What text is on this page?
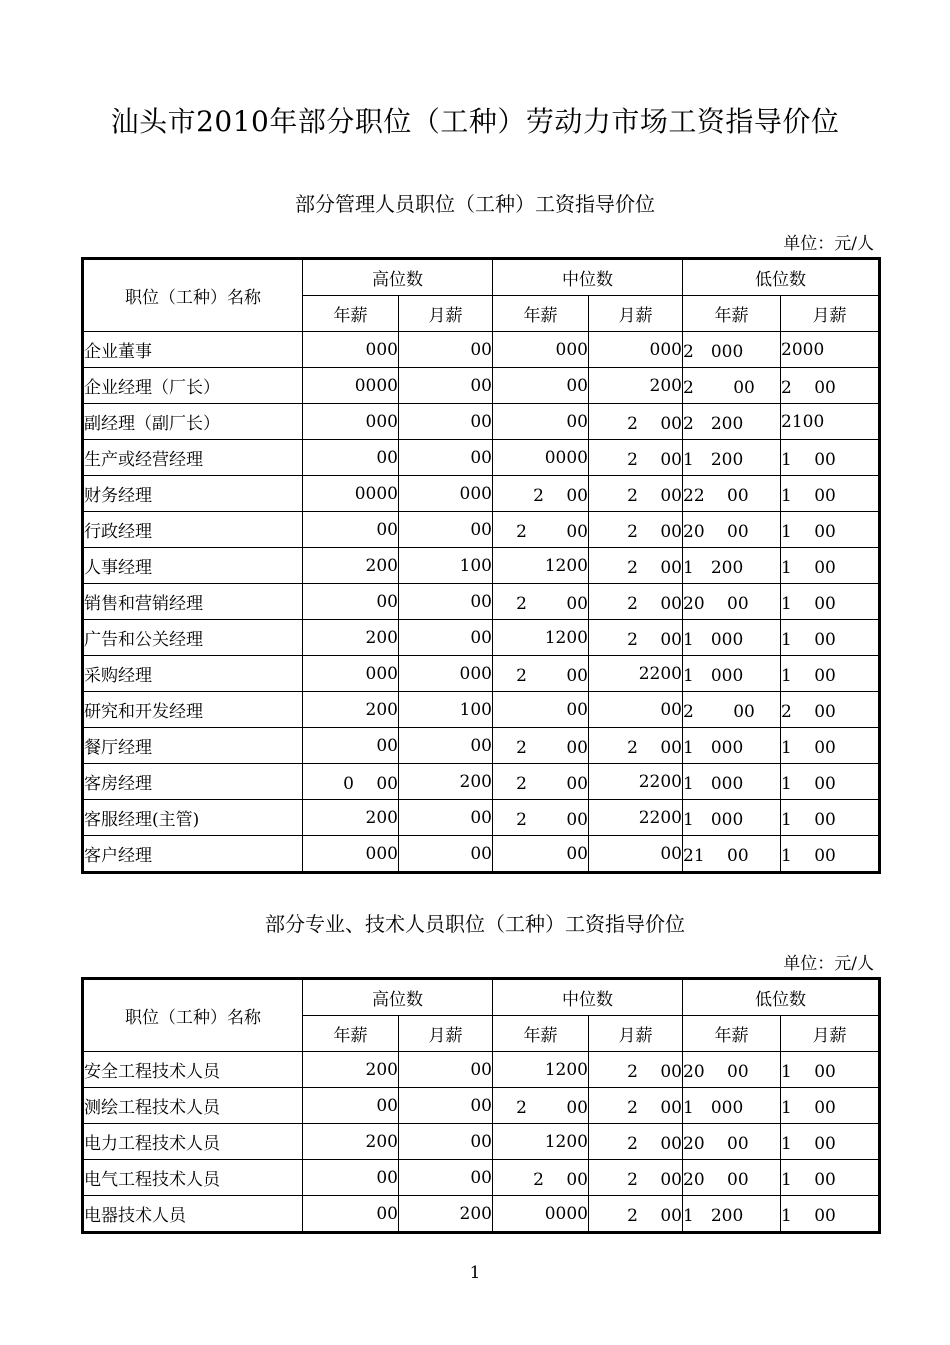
汕头市2010年部分职位（工种）劳动力市场工资指导价位
部分管理人员职位（工种）工资指导价位
单位：元/人
职位（工种）名称	高位数		中位数		低位数	
	年薪	月薪	年薪	月薪	年薪	月薪
企业董事	000	00	000	000	2　000	2000
企业经理（厂长）	0000	00	00	200	2　　 00	2　 00
副经理（副厂长）	000	00	00	2　 00	2　200	2100
生产或经营经理	00	00	0000	2　 00	1　200	1　 00
财务经理	0000	000	2　 00	2　 00	22　 00	1　 00
行政经理	00	00	2　　 00	2　 00	20　 00	1　 00
人事经理	200	100	1200	2　 00	1　200	1　 00
销售和营销经理	00	00	2　　 00	2　 00	20　 00	1　 00
广告和公关经理	200	00	1200	2　 00	1　000	1　 00
采购经理	000	000	2　　 00	2200	1　000	1　 00
研究和开发经理	200	100	00	00	2　　 00	2　 00
餐厅经理	00	00	2　　 00	2　 00	1　000	1　 00
客房经理	0　 00	200	2　　 00	2200	1　000	1　 00
客服经理(主管)	200	00	2　　 00	2200	1　000	1　 00
客户经理	000	00	00	00	21　 00	1　 00
部分专业、技术人员职位（工种）工资指导价位
单位：元/人
职位（工种）名称	高位数		中位数		低位数	
	年薪	月薪	年薪	月薪	年薪	月薪
安全工程技术人员	200	00	1200	2　 00	20　 00	1　 00
测绘工程技术人员	00	00	2　　 00	2　 00	1　000	1　 00
电力工程技术人员	200	00	1200	2　 00	20　 00	1　 00
电气工程技术人员	00	00	2　 00	2　 00	20　 00	1　 00
电器技术人员	00	200	0000	2　 00	1　200	1　 00
1
